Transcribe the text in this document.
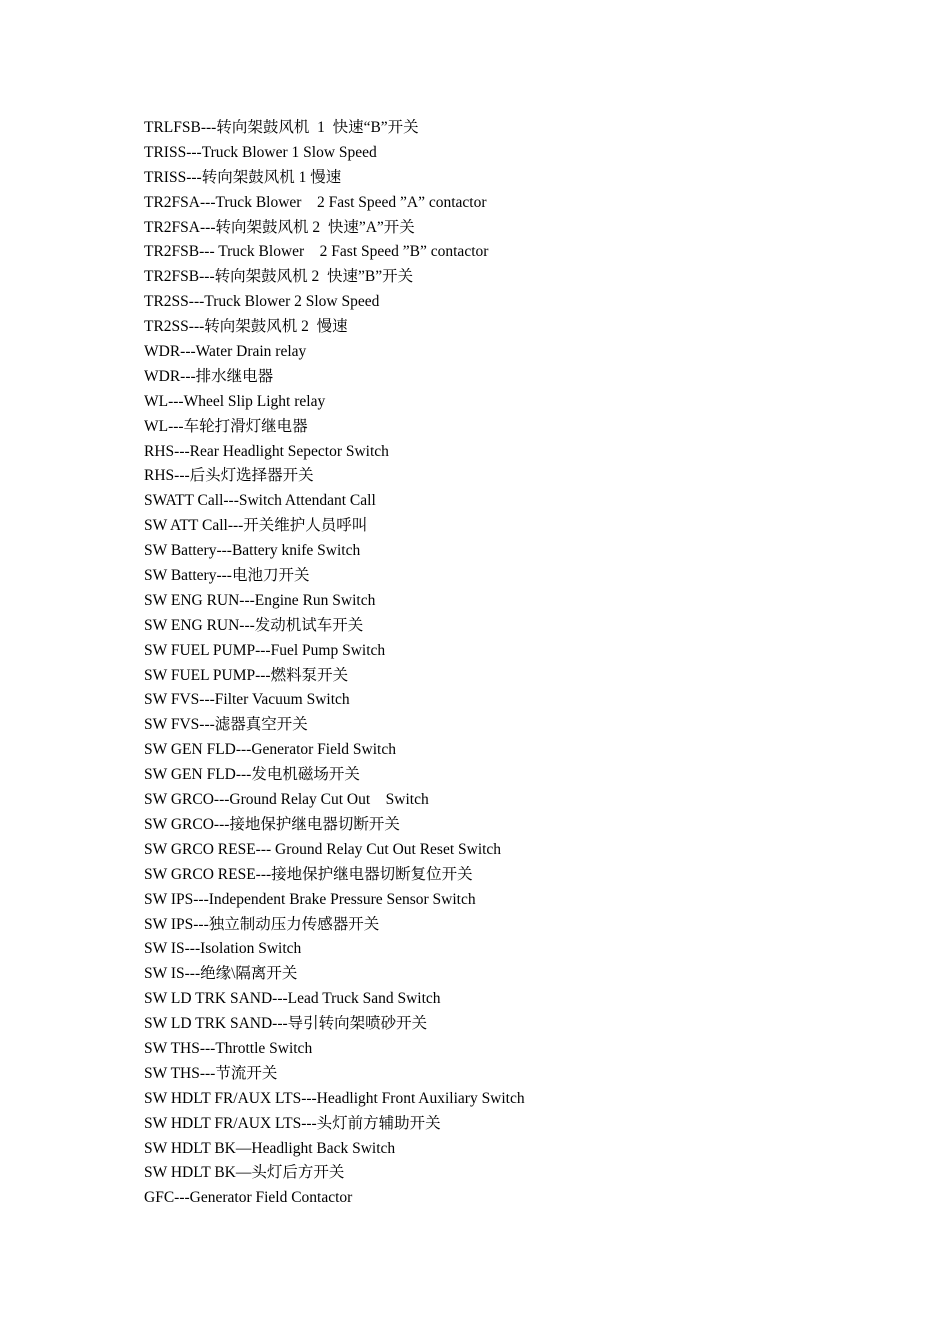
TRLFSB---转向架鼓风机  1  快速“B”开关
TRISS---Truck Blower 1 Slow Speed
TRISS---转向架鼓风机 1 慢速
TR2FSA---Truck Blower    2 Fast Speed ”A” contactor
TR2FSA---转向架鼓风机 2  快速”A”开关
TR2FSB--- Truck Blower    2 Fast Speed ”B” contactor
TR2FSB---转向架鼓风机 2  快速”B”开关
TR2SS---Truck Blower 2 Slow Speed
TR2SS---转向架鼓风机 2  慢速
WDR---Water Drain relay
WDR---排水继电器
WL---Wheel Slip Light relay
WL---车轮打滑灯继电器
RHS---Rear Headlight Sepector Switch
RHS---后头灯选择器开关
SWATT Call---Switch Attendant Call
SW ATT Call---开关维护人员呼叫
SW Battery---Battery knife Switch
SW Battery---电池刀开关
SW ENG RUN---Engine Run Switch
SW ENG RUN---发动机试车开关
SW FUEL PUMP---Fuel Pump Switch
SW FUEL PUMP---燃料泵开关
SW FVS---Filter Vacuum Switch
SW FVS---滤器真空开关
SW GEN FLD---Generator Field Switch
SW GEN FLD---发电机磁场开关
SW GRCO---Ground Relay Cut Out    Switch
SW GRCO---接地保护继电器切断开关
SW GRCO RESE--- Ground Relay Cut Out Reset Switch
SW GRCO RESE---接地保护继电器切断复位开关
SW IPS---Independent Brake Pressure Sensor Switch
SW IPS---独立制动压力传感器开关
SW IS---Isolation Switch
SW IS---绝缘\隔离开关
SW LD TRK SAND---Lead Truck Sand Switch
SW LD TRK SAND---导引转向架喷砂开关
SW THS---Throttle Switch
SW THS---节流开关
SW HDLT FR/AUX LTS---Headlight Front Auxiliary Switch
SW HDLT FR/AUX LTS---头灯前方辅助开关
SW HDLT BK—Headlight Back Switch
SW HDLT BK—头灯后方开关
GFC---Generator Field Contactor
